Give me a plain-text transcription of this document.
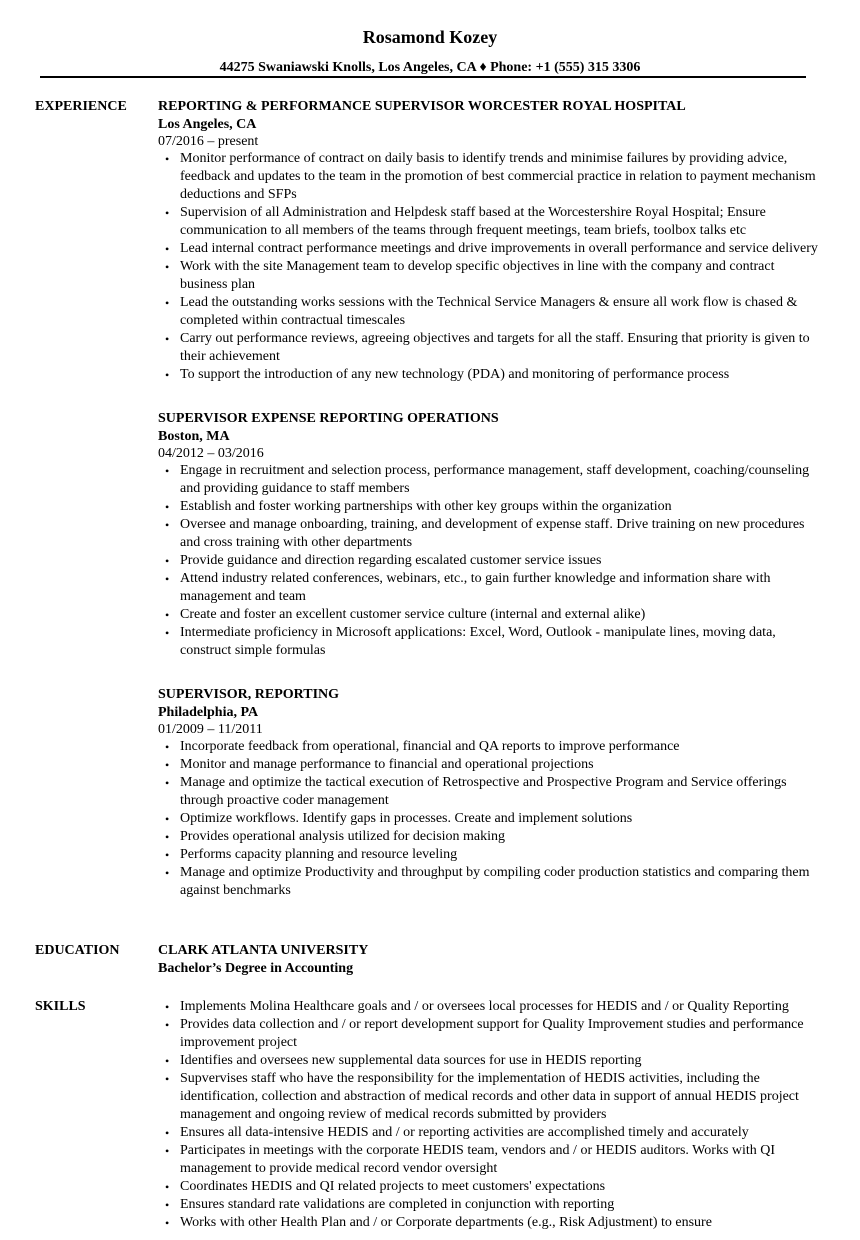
Rosamond Kozey
44275 Swaniawski Knolls, Los Angeles, CA ♦ Phone: +1 (555) 315 3306
EXPERIENCE REPORTING & PERFORMANCE SUPERVISOR WORCESTER ROYAL HOSPITAL
Los Angeles, CA
07/2016 – present
• Monitor performance of contract on daily basis to identify trends and minimise failures by providing advice, feedback and updates to the team in the promotion of best commercial practice in relation to payment mechanism deductions and SFPs
• Supervision of all Administration and Helpdesk staff based at the Worcestershire Royal Hospital; Ensure communication to all members of the teams through frequent meetings, team briefs, toolbox talks etc
• Lead internal contract performance meetings and drive improvements in overall performance and service delivery
• Work with the site Management team to develop specific objectives in line with the company and contract business plan
• Lead the outstanding works sessions with the Technical Service Managers & ensure all work flow is chased & completed within contractual timescales
• Carry out performance reviews, agreeing objectives and targets for all the staff. Ensuring that priority is given to their achievement
• To support the introduction of any new technology (PDA) and monitoring of performance process
SUPERVISOR EXPENSE REPORTING OPERATIONS
Boston, MA
04/2012 – 03/2016
• Engage in recruitment and selection process, performance management, staff development, coaching/counseling and providing guidance to staff members
• Establish and foster working partnerships with other key groups within the organization
• Oversee and manage onboarding, training, and development of expense staff. Drive training on new procedures and cross training with other departments
• Provide guidance and direction regarding escalated customer service issues
• Attend industry related conferences, webinars, etc., to gain further knowledge and information share with management and team
• Create and foster an excellent customer service culture (internal and external alike)
• Intermediate proficiency in Microsoft applications: Excel, Word, Outlook - manipulate lines, moving data, construct simple formulas
SUPERVISOR, REPORTING
Philadelphia, PA
01/2009 – 11/2011
• Incorporate feedback from operational, financial and QA reports to improve performance
• Monitor and manage performance to financial and operational projections
• Manage and optimize the tactical execution of Retrospective and Prospective Program and Service offerings through proactive coder management
• Optimize workflows. Identify gaps in processes. Create and implement solutions
• Provides operational analysis utilized for decision making
• Performs capacity planning and resource leveling
• Manage and optimize Productivity and throughput by compiling coder production statistics and comparing them against benchmarks
EDUCATION	CLARK ATLANTA UNIVERSITY
Bachelor’s Degree in Accounting
SKILLS
•	Implements Molina Healthcare goals and / or oversees local processes for HEDIS and / or Quality Reporting
• Provides data collection and / or report development support for Quality Improvement studies and performance improvement project
• Identifies and oversees new supplemental data sources for use in HEDIS reporting
• Supvervises staff who have the responsibility for the implementation of HEDIS activities, including the identification, collection and abstraction of medical records and other data in support of annual HEDIS project management and ongoing review of medical records submitted by providers
• Ensures all data-intensive HEDIS and / or reporting activities are accomplished timely and accurately
• Participates in meetings with the corporate HEDIS team, vendors and / or HEDIS auditors. Works with QI management to provide medical record vendor oversight
• Coordinates HEDIS and QI related projects to meet customers' expectations
• Ensures standard rate validations are completed in conjunction with reporting
• Works with other Health Plan and / or Corporate departments (e.g., Risk Adjustment) to ensure
